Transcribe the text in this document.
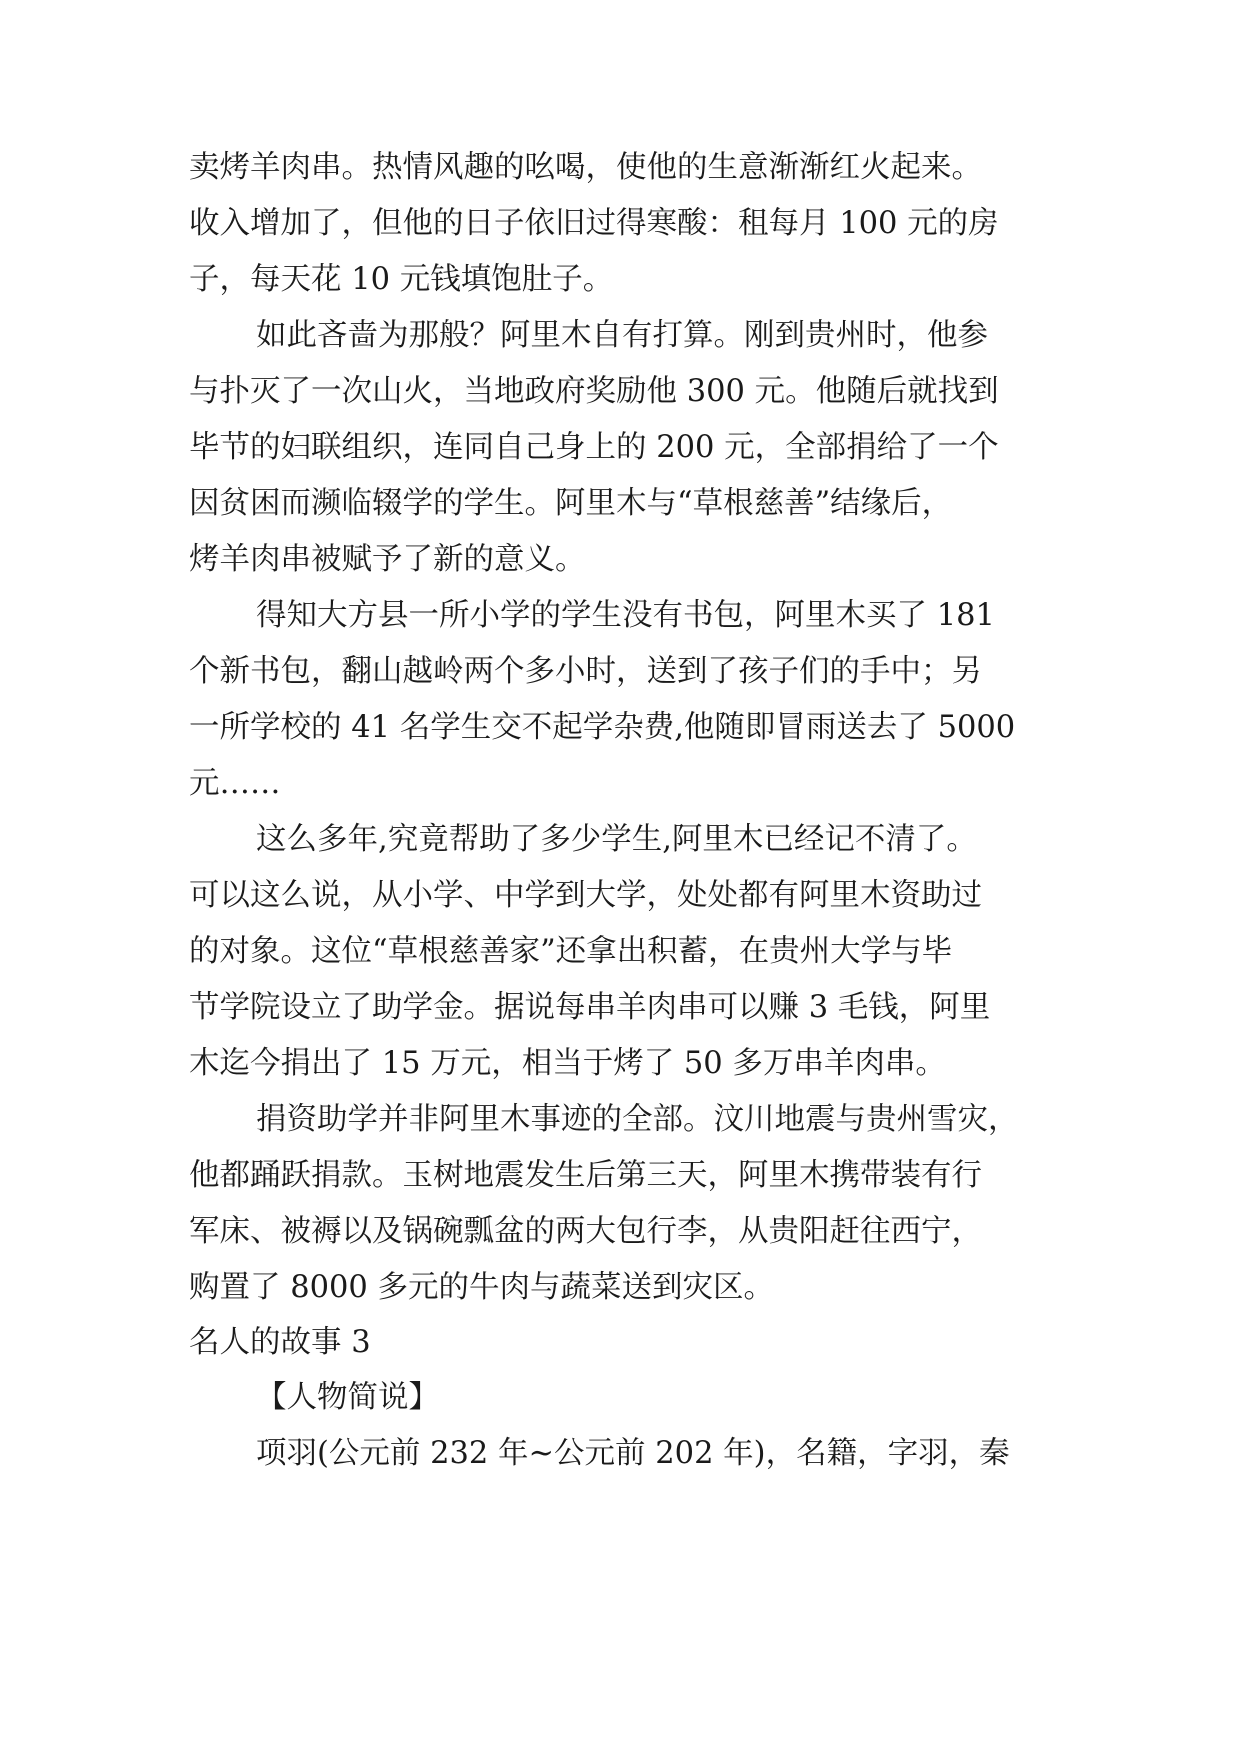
卖烤羊肉串。热情风趣的吆喝，使他的生意渐渐红火起来。

收入增加了，但他的日子依旧过得寒酸：租每月 100 元的房

子，每天花 10 元钱填饱肚子。

如此吝啬为那般？阿里木自有打算。刚到贵州时，他参

与扑灭了一次山火，当地政府奖励他 300 元。他随后就找到

毕节的妇联组织，连同自己身上的 200 元，全部捐给了一个

因贫困而濒临辍学的学生。阿里木与“草根慈善”结缘后，

烤羊肉串被赋予了新的意义。

得知大方县一所小学的学生没有书包，阿里木买了 181

个新书包，翻山越岭两个多小时，送到了孩子们的手中；另

一所学校的 41 名学生交不起学杂费,他随即冒雨送去了 5000

元……

这么多年,究竟帮助了多少学生,阿里木已经记不清了。

可以这么说，从小学、中学到大学，处处都有阿里木资助过

的对象。这位“草根慈善家”还拿出积蓄，在贵州大学与毕

节学院设立了助学金。据说每串羊肉串可以赚 3 毛钱，阿里

木迄今捐出了 15 万元，相当于烤了 50 多万串羊肉串。

捐资助学并非阿里木事迹的全部。汶川地震与贵州雪灾，

他都踊跃捐款。玉树地震发生后第三天，阿里木携带装有行

军床、被褥以及锅碗瓢盆的两大包行李，从贵阳赶往西宁，

购置了 8000 多元的牛肉与蔬菜送到灾区。

名人的故事 3

【人物简说】

项羽(公元前 232 年~公元前 202 年)，名籍，字羽，秦
